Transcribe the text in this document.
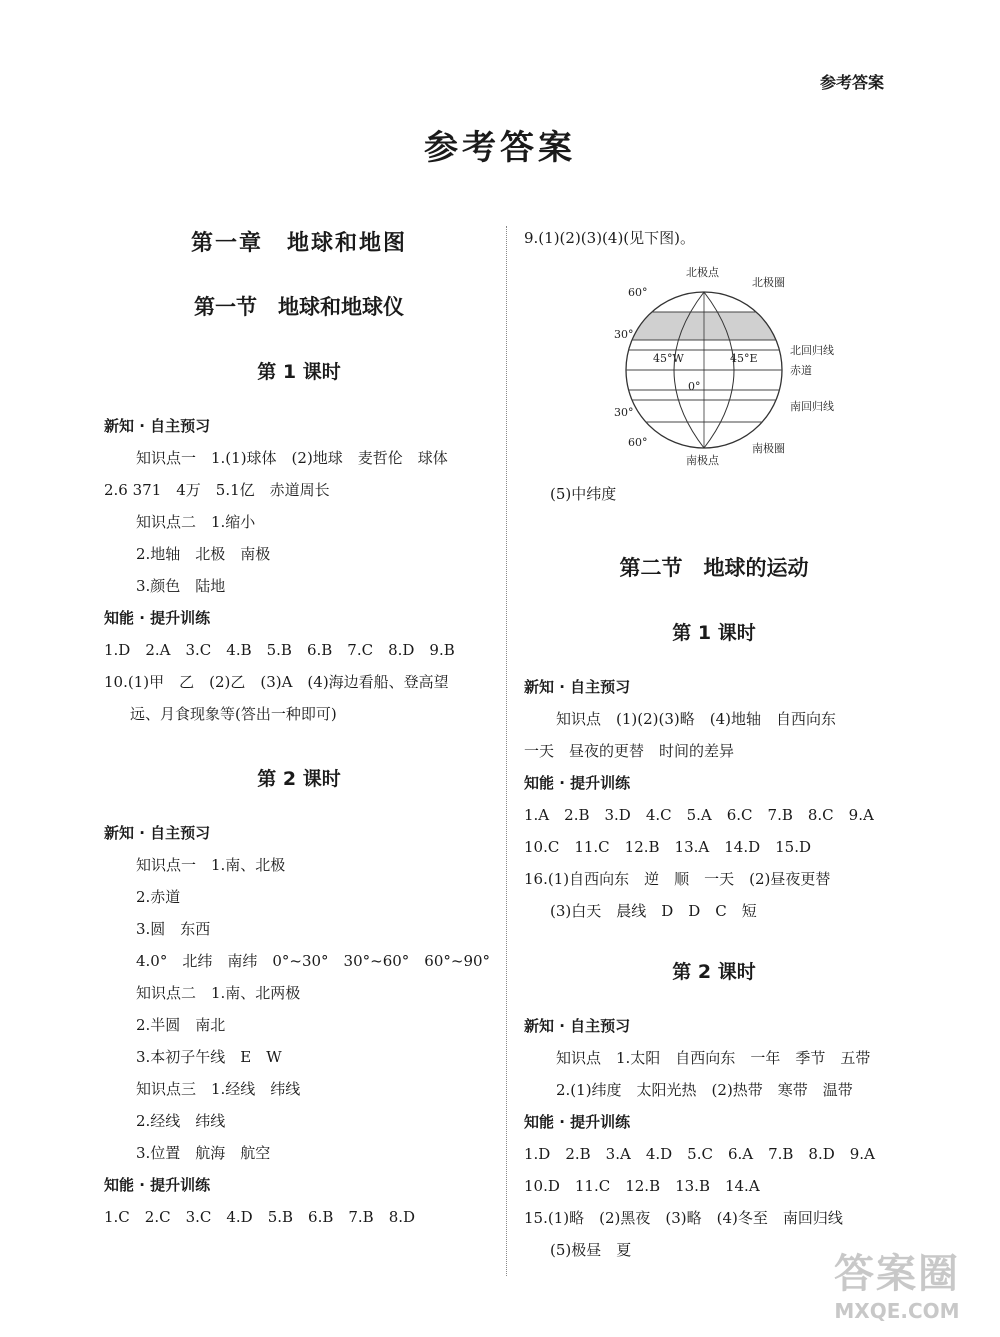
参考答案
参考答案
第一章　地球和地图
第一节　地球和地球仪
第 1 课时
新知 · 自主预习
知识点一　1.(1)球体　(2)地球　麦哲伦　球体
2.6 371　4万　5.1亿　赤道周长
知识点二　1.缩小
2.地轴　北极　南极
3.颜色　陆地
知能 · 提升训练
1.D　2.A　3.C　4.B　5.B　6.B　7.C　8.D　9.B
10.(1)甲　乙　(2)乙　(3)A　(4)海边看船、登高望
远、月食现象等(答出一种即可)
第 2 课时
新知 · 自主预习
知识点一　1.南、北极
2.赤道
3.圆　东西
4.0°　北纬　南纬　0°~30°　30°~60°　60°~90°
知识点二　1.南、北两极
2.半圆　南北
3.本初子午线　E　W
知识点三　1.经线　纬线
2.经线　纬线
3.位置　航海　航空
知能 · 提升训练
1.C　2.C　3.C　4.D　5.B　6.B　7.B　8.D
9.(1)(2)(3)(4)(见下图)。
北极点
北极圈
60°
30°
北回归线
45°W	45°E
赤道
0°
南回归线
30°
60°	南极圈
南极点
(5)中纬度
第二节　地球的运动
第 1 课时
新知 · 自主预习
知识点　(1)(2)(3)略　(4)地轴　自西向东
一天　昼夜的更替　时间的差异
知能 · 提升训练
1.A　2.B　3.D　4.C　5.A　6.C　7.B　8.C　9.A
10.C　11.C　12.B　13.A　14.D　15.D
16.(1)自西向东　逆　顺　一天　(2)昼夜更替
(3)白天　晨线　D　D　C　短
第 2 课时
新知 · 自主预习
知识点　1.太阳　自西向东　一年　季节　五带
2.(1)纬度　太阳光热　(2)热带　寒带　温带
知能 · 提升训练
1.D　2.B　3.A　4.D　5.C　6.A　7.B　8.D　9.A
10.D　11.C　12.B　13.B　14.A
15.(1)略　(2)黑夜　(3)略　(4)冬至　南回归线
(5)极昼　夏
答案圈
MXQE.COM
